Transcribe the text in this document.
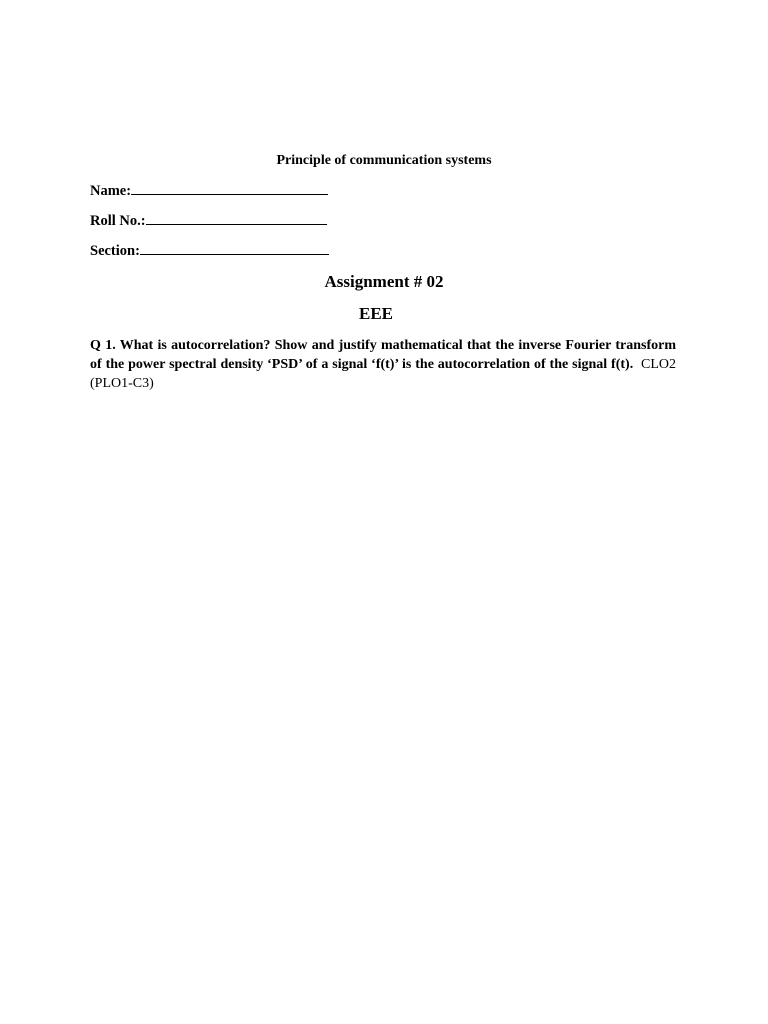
Principle of communication systems
Name:
Roll No.:
Section:
Assignment # 02
EEE
Q 1. What is autocorrelation? Show and justify mathematical that the inverse Fourier transform of the power spectral density ‘PSD’ of a signal ‘f(t)’ is the autocorrelation of the signal f(t). CLO2 (PLO1-C3)
